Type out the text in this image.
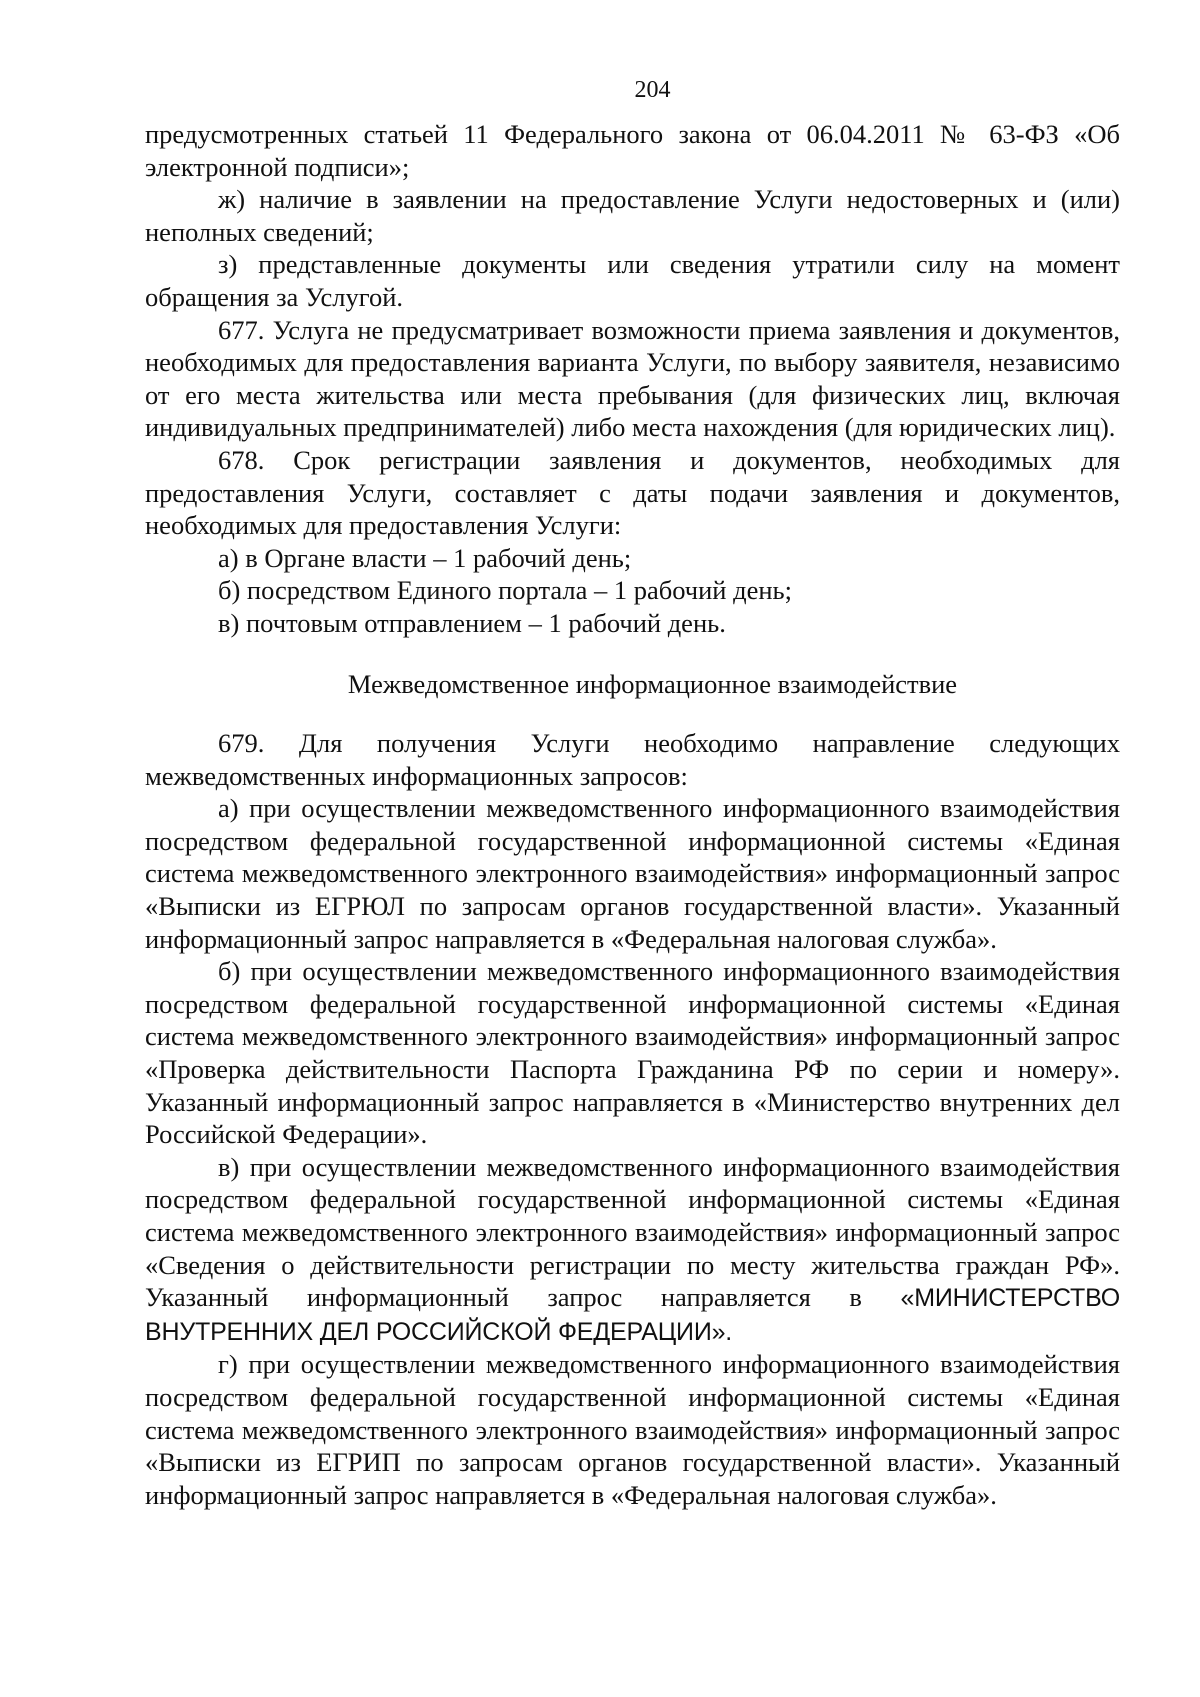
204

предусмотренных статьей 11 Федерального закона от 06.04.2011 № 63-ФЗ «Об электронной подписи»;

ж) наличие в заявлении на предоставление Услуги недостоверных и (или) неполных сведений;

з) представленные документы или сведения утратили силу на момент обращения за Услугой.

677. Услуга не предусматривает возможности приема заявления и документов, необходимых для предоставления варианта Услуги, по выбору заявителя, независимо от его места жительства или места пребывания (для физических лиц, включая индивидуальных предпринимателей) либо места нахождения (для юридических лиц).

678. Срок регистрации заявления и документов, необходимых для предоставления Услуги, составляет с даты подачи заявления и документов, необходимых для предоставления Услуги:

а) в Органе власти – 1 рабочий день;

б) посредством Единого портала – 1 рабочий день;

в) почтовым отправлением – 1 рабочий день.

Межведомственное информационное взаимодействие

679. Для получения Услуги необходимо направление следующих межведомственных информационных запросов:

а) при осуществлении межведомственного информационного взаимодействия посредством федеральной государственной информационной системы «Единая система межведомственного электронного взаимодействия» информационный запрос «Выписки из ЕГРЮЛ по запросам органов государственной власти». Указанный информационный запрос направляется в «Федеральная налоговая служба».

б) при осуществлении межведомственного информационного взаимодействия посредством федеральной государственной информационной системы «Единая система межведомственного электронного взаимодействия» информационный запрос «Проверка действительности Паспорта Гражданина РФ по серии и номеру». Указанный информационный запрос направляется в «Министерство внутренних дел Российской Федерации».

в) при осуществлении межведомственного информационного взаимодействия посредством федеральной государственной информационной системы «Единая система межведомственного электронного взаимодействия» информационный запрос «Сведения о действительности регистрации по месту жительства граждан РФ». Указанный информационный запрос направляется в «МИНИСТЕРСТВО ВНУТРЕННИХ ДЕЛ РОССИЙСКОЙ ФЕДЕРАЦИИ».

г) при осуществлении межведомственного информационного взаимодействия посредством федеральной государственной информационной системы «Единая система межведомственного электронного взаимодействия» информационный запрос «Выписки из ЕГРИП по запросам органов государственной власти». Указанный информационный запрос направляется в «Федеральная налоговая служба».
